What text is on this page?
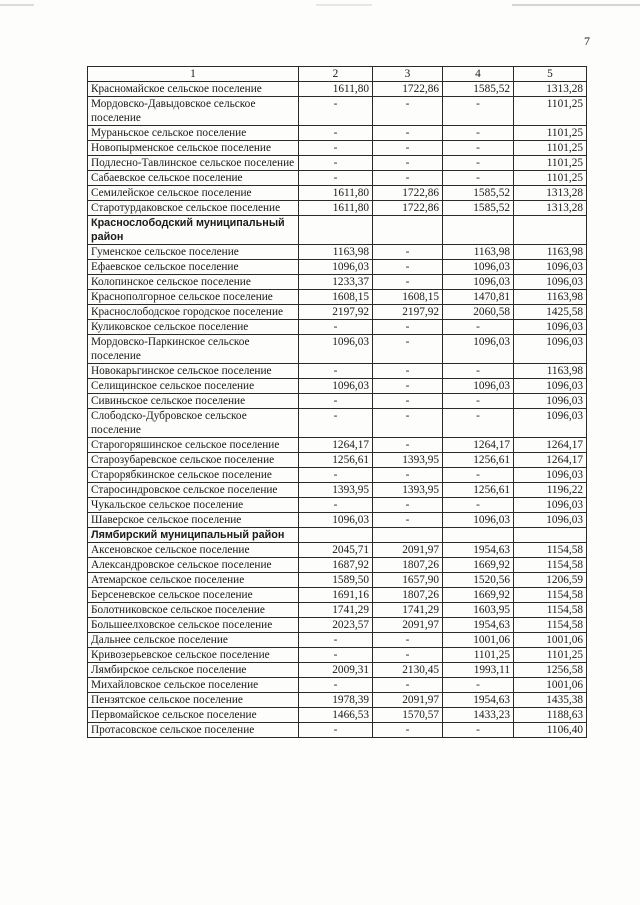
7
1	2	3	4	5
Красномайское сельское поселение	1611,80	1722,86	1585,52	1313,28
Мордовско-Давыдовское сельское поселение	-	-	-	1101,25
Мураньское сельское поселение	-	-	-	1101,25
Новопырменское сельское поселение	-	-	-	1101,25
Подлесно-Тавлинское сельское поселение	-	-	-	1101,25
Сабаевское сельское поселение	-	-	-	1101,25
Семилейское сельское поселение	1611,80	1722,86	1585,52	1313,28
Старотурдаковское сельское поселение	1611,80	1722,86	1585,52	1313,28
Краснослободский муниципальный район				
Гуменское сельское поселение	1163,98	-	1163,98	1163,98
Ефаевское сельское поселение	1096,03	-	1096,03	1096,03
Колопинское сельское поселение	1233,37	-	1096,03	1096,03
Краснополгорное сельское поселение	1608,15	1608,15	1470,81	1163,98
Краснослободское городское поселение	2197,92	2197,92	2060,58	1425,58
Куликовское сельское поселение	-	-	-	1096,03
Мордовско-Паркинское сельское поселение	1096,03	-	1096,03	1096,03
Новокарьгинское сельское поселение	-	-	-	1163,98
Селищинское сельское поселение	1096,03	-	1096,03	1096,03
Сивиньское сельское поселение	-	-	-	1096,03
Слободско-Дубровское сельское поселение	-	-	-	1096,03
Старогоряшинское сельское поселение	1264,17	-	1264,17	1264,17
Старозубаревское сельское поселение	1256,61	1393,95	1256,61	1264,17
Старорябкинское сельское поселение	-	-	-	1096,03
Старосиндровское сельское поселение	1393,95	1393,95	1256,61	1196,22
Чукальское сельское поселение	-	-	-	1096,03
Шаверское сельское поселение	1096,03	-	1096,03	1096,03
Лямбирский муниципальный район				
Аксеновское сельское поселение	2045,71	2091,97	1954,63	1154,58
Александровское сельское поселение	1687,92	1807,26	1669,92	1154,58
Атемарское сельское поселение	1589,50	1657,90	1520,56	1206,59
Берсеневское сельское поселение	1691,16	1807,26	1669,92	1154,58
Болотниковское сельское поселение	1741,29	1741,29	1603,95	1154,58
Большеелховское сельское поселение	2023,57	2091,97	1954,63	1154,58
Дальнее сельское поселение	-	-	1001,06	1001,06
Кривозерьевское сельское поселение	-	-	1101,25	1101,25
Лямбирское сельское поселение	2009,31	2130,45	1993,11	1256,58
Михайловское сельское поселение	-	-	-	1001,06
Пензятское сельское поселение	1978,39	2091,97	1954,63	1435,38
Первомайское сельское поселение	1466,53	1570,57	1433,23	1188,63
Протасовское сельское поселение	-	-	-	1106,40
